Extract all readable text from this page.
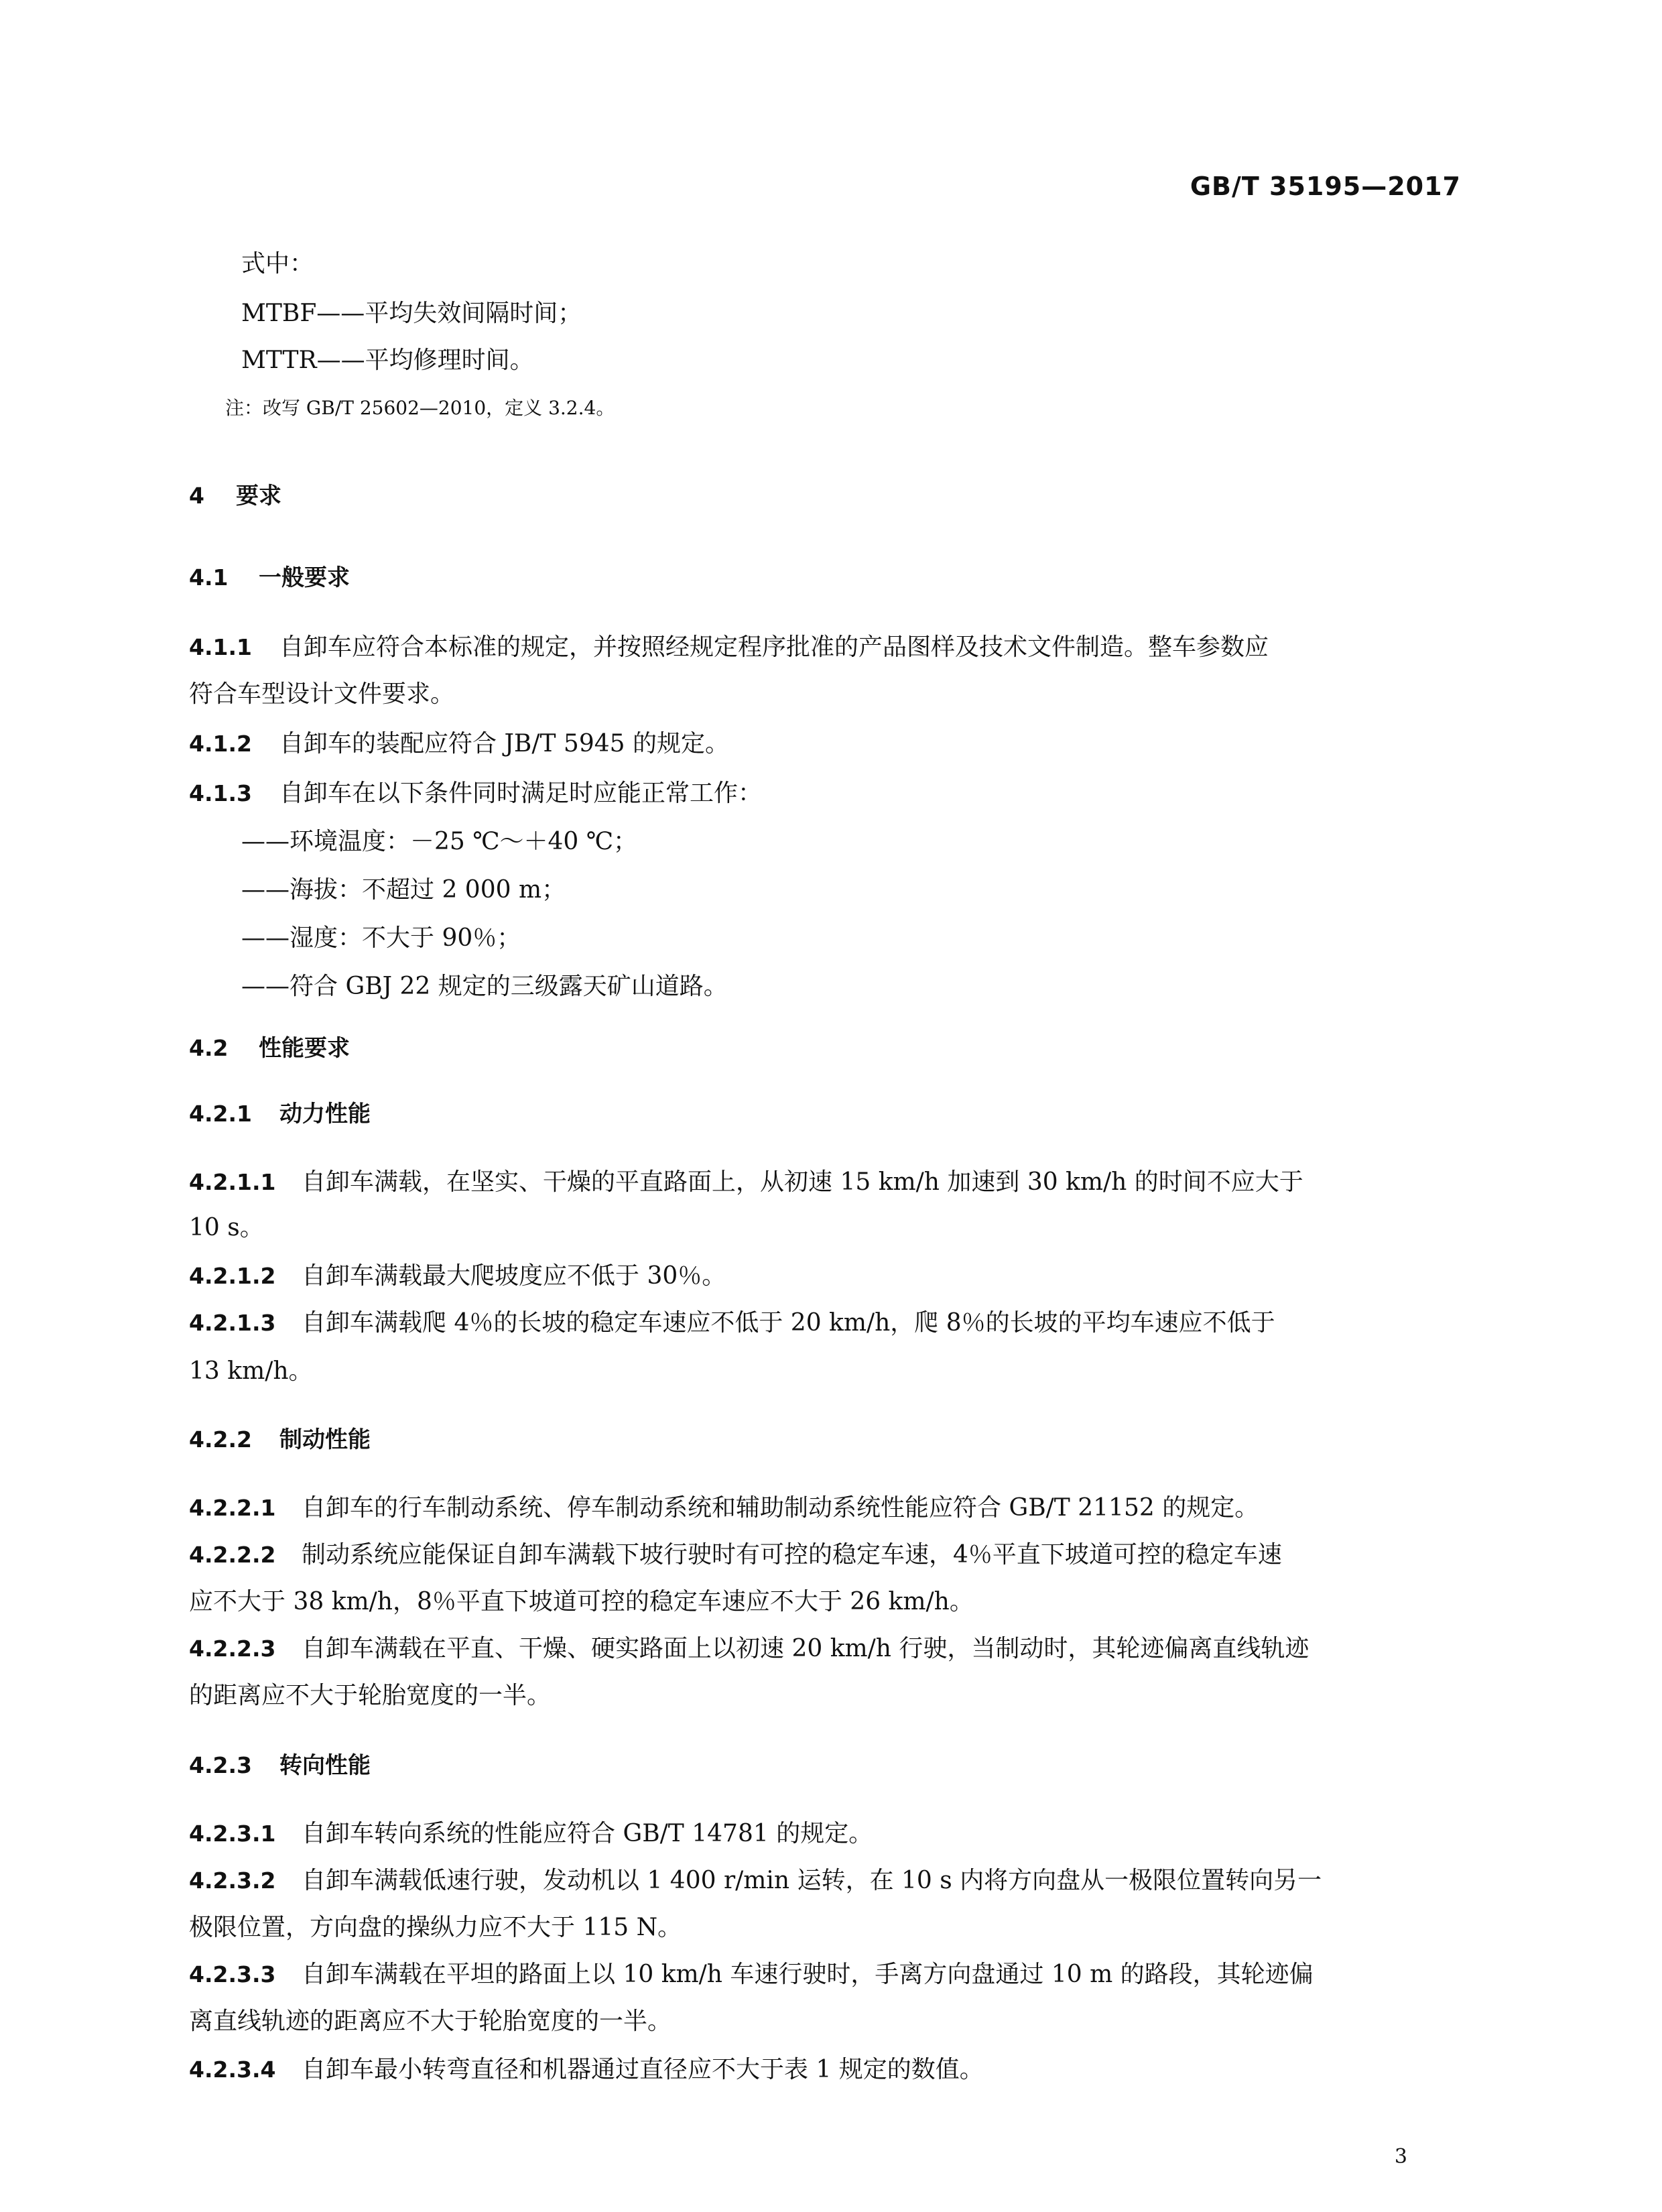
GB/T 35195—2017
式中：
MTBF——平均失效间隔时间；
MTTR——平均修理时间。
注：改写 GB/T 25602—2010，定义 3.2.4。
4 要求
4.1 一般要求
4.1.1 自卸车应符合本标准的规定，并按照经规定程序批准的产品图样及技术文件制造。整车参数应
符合车型设计文件要求。
4.1.2 自卸车的装配应符合 JB/T 5945 的规定。
4.1.3 自卸车在以下条件同时满足时应能正常工作：
——环境温度：－25 ℃～＋40 ℃；
——海拔：不超过 2 000 m；
——湿度：不大于 90％；
——符合 GBJ 22 规定的三级露天矿山道路。
4.2 性能要求
4.2.1 动力性能
4.2.1.1 自卸车满载，在坚实、干燥的平直路面上，从初速 15 km/h 加速到 30 km/h 的时间不应大于
10 s。
4.2.1.2 自卸车满载最大爬坡度应不低于 30％。
4.2.1.3 自卸车满载爬 4％的长坡的稳定车速应不低于 20 km/h，爬 8％的长坡的平均车速应不低于
13 km/h。
4.2.2 制动性能
4.2.2.1 自卸车的行车制动系统、停车制动系统和辅助制动系统性能应符合 GB/T 21152 的规定。
4.2.2.2 制动系统应能保证自卸车满载下坡行驶时有可控的稳定车速，4％平直下坡道可控的稳定车速
应不大于 38 km/h，8％平直下坡道可控的稳定车速应不大于 26 km/h。
4.2.2.3 自卸车满载在平直、干燥、硬实路面上以初速 20 km/h 行驶，当制动时，其轮迹偏离直线轨迹
的距离应不大于轮胎宽度的一半。
4.2.3 转向性能
4.2.3.1 自卸车转向系统的性能应符合 GB/T 14781 的规定。
4.2.3.2 自卸车满载低速行驶，发动机以 1 400 r/min 运转，在 10 s 内将方向盘从一极限位置转向另一
极限位置，方向盘的操纵力应不大于 115 N。
4.2.3.3 自卸车满载在平坦的路面上以 10 km/h 车速行驶时，手离方向盘通过 10 m 的路段，其轮迹偏
离直线轨迹的距离应不大于轮胎宽度的一半。
4.2.3.4 自卸车最小转弯直径和机器通过直径应不大于表 1 规定的数值。
3
